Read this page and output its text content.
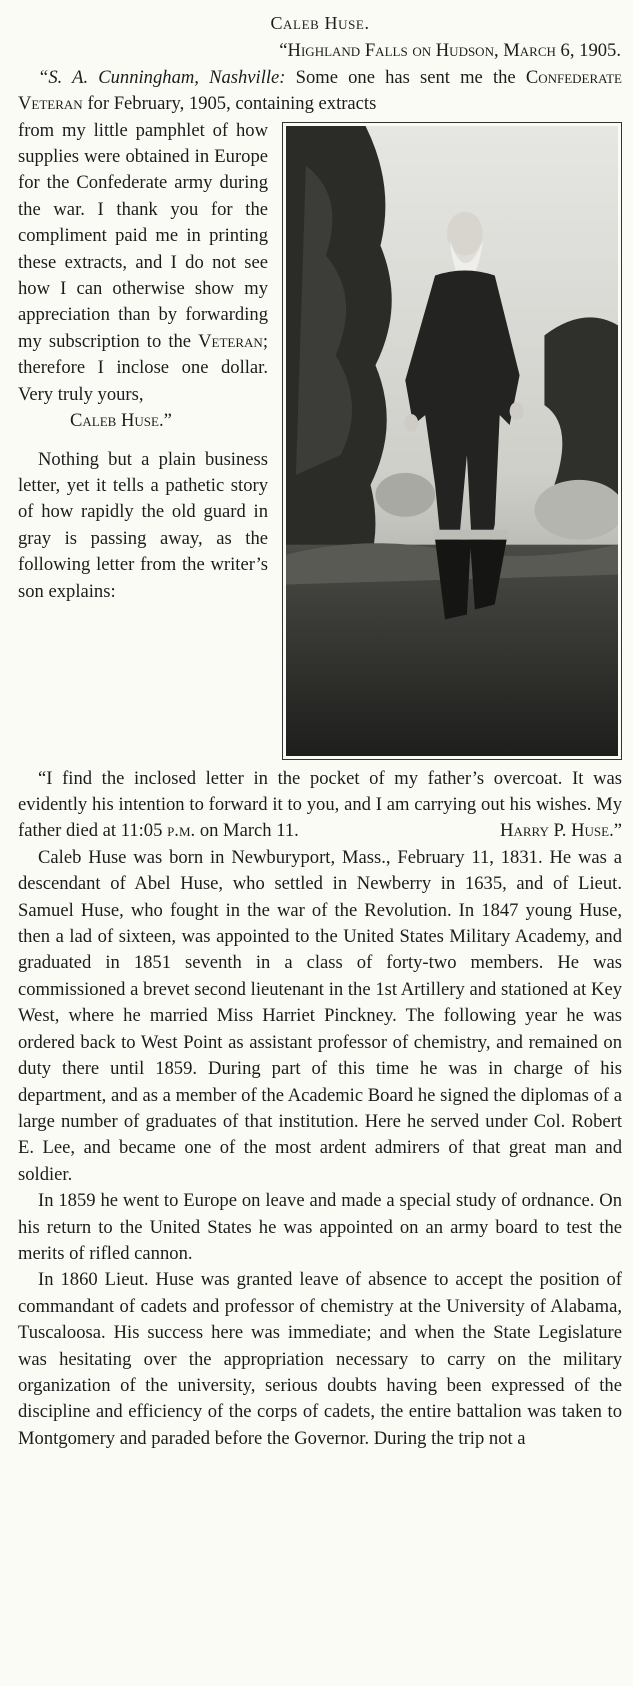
Caleb Huse.
“Highland Falls on Hudson, March 6, 1905.

“S. A. Cunningham, Nashville: Some one has sent me the Confederate Veteran for February, 1905, containing extracts

from my little pamphlet of how supplies were obtained in Europe for the Confederate army during the war. I thank you for the compliment paid me in printing these extracts, and I do not see how I can otherwise show my appreciation than by forwarding my subscription to the Veteran; therefore I inclose one dollar. Very truly yours,

Caleb Huse.”

Nothing but a plain business letter, yet it tells a pathetic story of how rapidly the old guard in gray is passing away, as the following letter from the writer’s son explains:

“I find the inclosed letter in the pocket of my father’s overcoat. It was evidently his intention to forward it to you, and I am carrying out his wishes. My father died at 11:05 p.m. on March 11.	Harry P. Huse.”

Caleb Huse was born in Newburyport, Mass., February 11, 1831. He was a descendant of Abel Huse, who settled in Newberry in 1635, and of Lieut. Samuel Huse, who fought in the war of the Revolution. In 1847 young Huse, then a lad of sixteen, was appointed to the United States Military Academy, and graduated in 1851 seventh in a class of forty-two members. He was commissioned a brevet second lieutenant in the 1st Artillery and stationed at Key West, where he married Miss Harriet Pinckney. The following year he was ordered back to West Point as assistant professor of chemistry, and remained on duty there until 1859. During part of this time he was in charge of his department, and as a member of the Academic Board he signed the diplomas of a large number of graduates of that institution. Here he served under Col. Robert E. Lee, and became one of the most ardent admirers of that great man and soldier.

In 1859 he went to Europe on leave and made a special study of ordnance. On his return to the United States he was appointed on an army board to test the merits of rifled cannon.

In 1860 Lieut. Huse was granted leave of absence to accept the position of commandant of cadets and professor of chemistry at the University of Alabama, Tuscaloosa. His success here was immediate; and when the State Legislature was hesitating over the appropriation necessary to carry on the military organization of the university, serious doubts having been expressed of the discipline and efficiency of the corps of cadets, the entire battalion was taken to Montgomery and paraded before the Governor. During the trip not a
